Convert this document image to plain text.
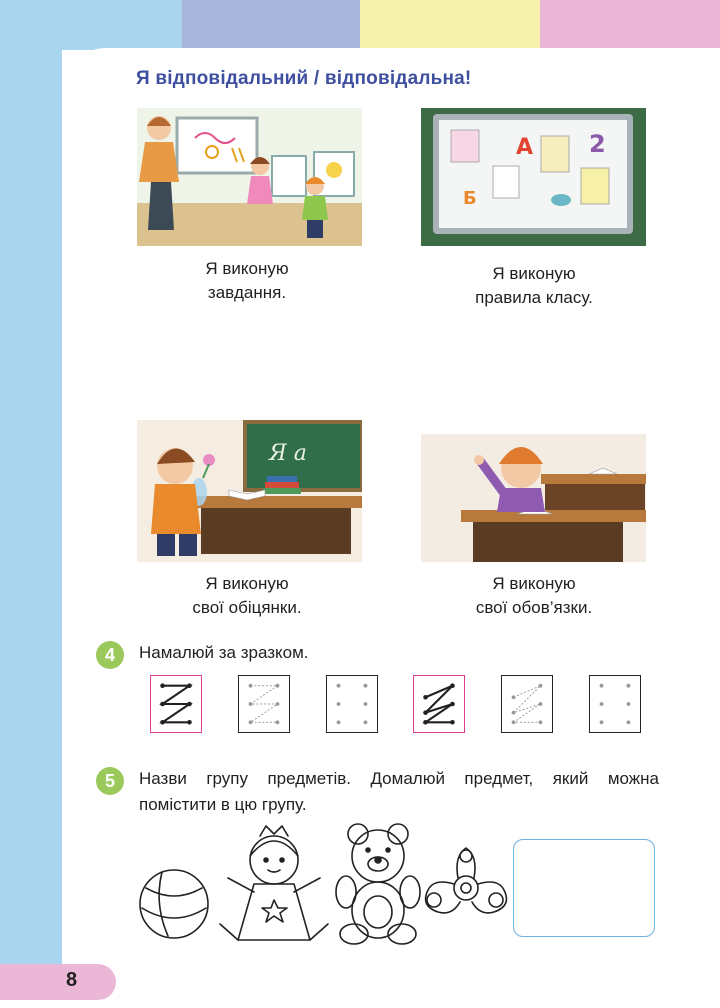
Я відповідальний / відповідальна!
Я виконую
завдання.
А 2
Б
Я виконую
правила класу.
Я а
Я виконую
свої обіцянки.
Я виконую
свої обов’язки.
4	Намалюй за зразком.
5	Назви групу предметів. Домалюй предмет, який можна
помістити в цю групу.
8
